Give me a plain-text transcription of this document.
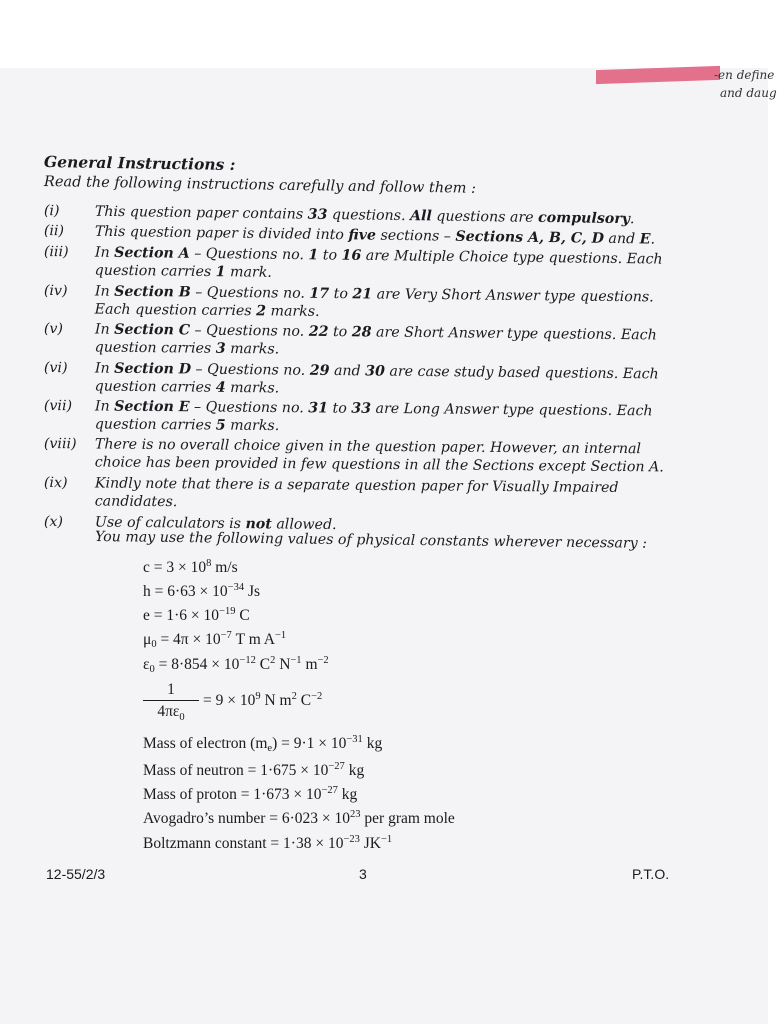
‑en define
and daug
General Instructions :
Read the following instructions carefully and follow them :
(i)	This question paper contains 33 questions. All questions are compulsory.
(ii)	This question paper is divided into five sections – Sections A, B, C, D and E.
(iii)	In Section A – Questions no. 1 to 16 are Multiple Choice type questions. Each question carries 1 mark.
(iv)	In Section B – Questions no. 17 to 21 are Very Short Answer type questions. Each question carries 2 marks.
(v)	In Section C – Questions no. 22 to 28 are Short Answer type questions. Each question carries 3 marks.
(vi)	In Section D – Questions no. 29 and 30 are case study based questions. Each question carries 4 marks.
(vii)	In Section E – Questions no. 31 to 33 are Long Answer type questions. Each question carries 5 marks.
(viii)	There is no overall choice given in the question paper. However, an internal choice has been provided in few questions in all the Sections except Section A.
(ix)	Kindly note that there is a separate question paper for Visually Impaired candidates.
(x)	Use of calculators is not allowed.
You may use the following values of physical constants wherever necessary :
$c = 3 \times 10^8$ m/s
$h = 6\cdot 63 \times 10^{-34}$ Js
$e = 1\cdot 6 \times 10^{-19}$ C
$\mu_0 = 4\pi \times 10^{-7}$ T m $A^{-1}$
$\varepsilon_0 = 8\cdot 854 \times 10^{-12}$ $C^2$ $N^{-1}$ $m^{-2}$
Mass of electron $(m_e) = 9\cdot 1 \times 10^{-31}$ kg
Mass of neutron = $1\cdot 675 \times 10^{-27}$ kg
Mass of proton = $1\cdot 673 \times 10^{-27}$ kg
Avogadro’s number = $6\cdot 023 \times 10^{23}$ per gram mole
Boltzmann constant = $1\cdot 38 \times 10^{-23}$ $JK^{-1}$
1
$4\pi\varepsilon_0$
= $9 \times 10^9$ N $m^2$ $C^{-2}$
12-55/2/3	3	P.T.O.
